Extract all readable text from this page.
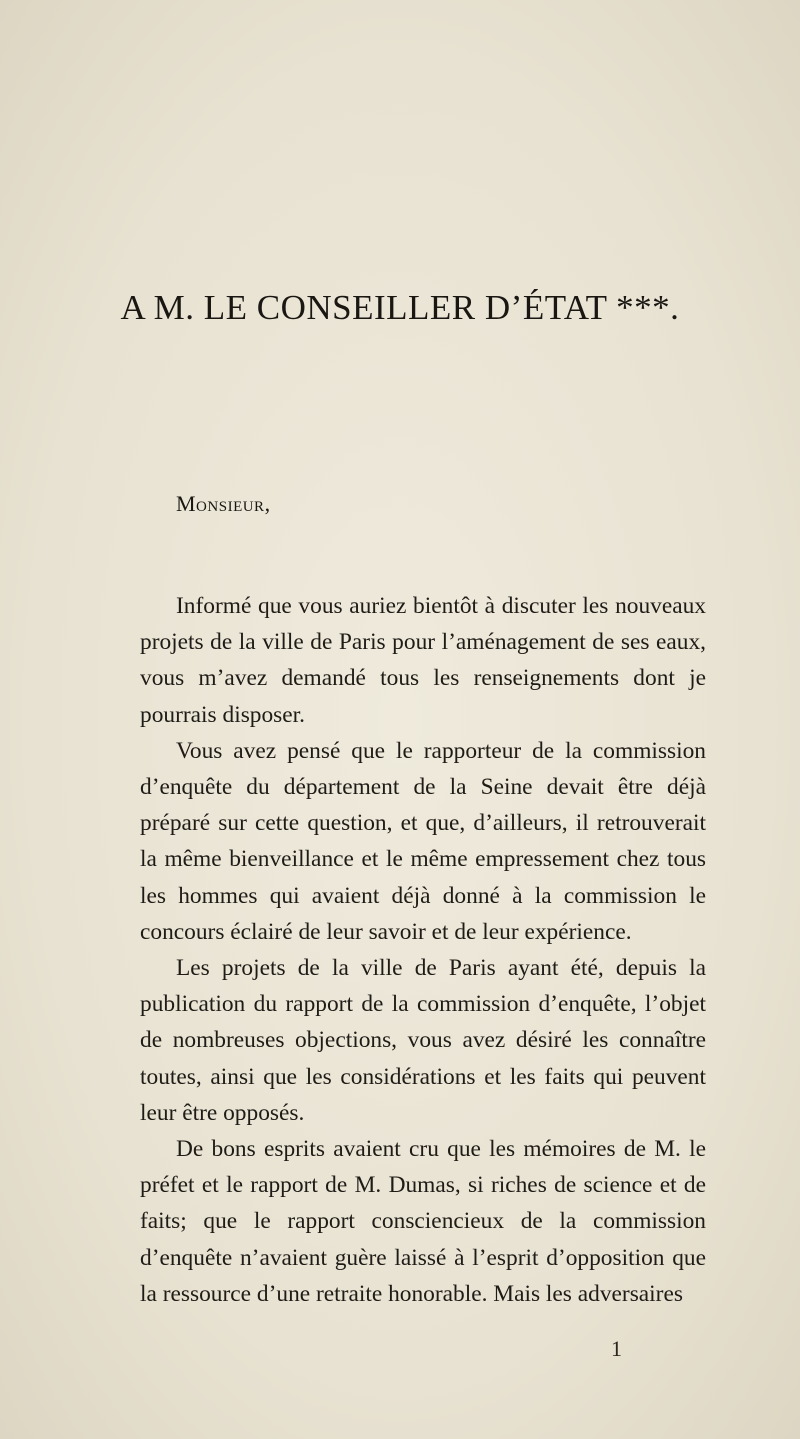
A M. LE CONSEILLER D’ÉTAT ***.

Monsieur,

Informé que vous auriez bientôt à discuter les nouveaux projets de la ville de Paris pour l’aménagement de ses eaux, vous m’avez demandé tous les renseignements dont je pourrais disposer.

Vous avez pensé que le rapporteur de la commission d’enquête du département de la Seine devait être déjà préparé sur cette question, et que, d’ailleurs, il retrouverait la même bienveillance et le même empressement chez tous les hommes qui avaient déjà donné à la commission le concours éclairé de leur savoir et de leur expérience.

Les projets de la ville de Paris ayant été, depuis la publication du rapport de la commission d’enquête, l’objet de nombreuses objections, vous avez désiré les connaître toutes, ainsi que les considérations et les faits qui peuvent leur être opposés.

De bons esprits avaient cru que les mémoires de M. le préfet et le rapport de M. Dumas, si riches de science et de faits; que le rapport consciencieux de la commission d’enquête n’avaient guère laissé à l’esprit d’opposition que la ressource d’une retraite honorable. Mais les adversaires

1
